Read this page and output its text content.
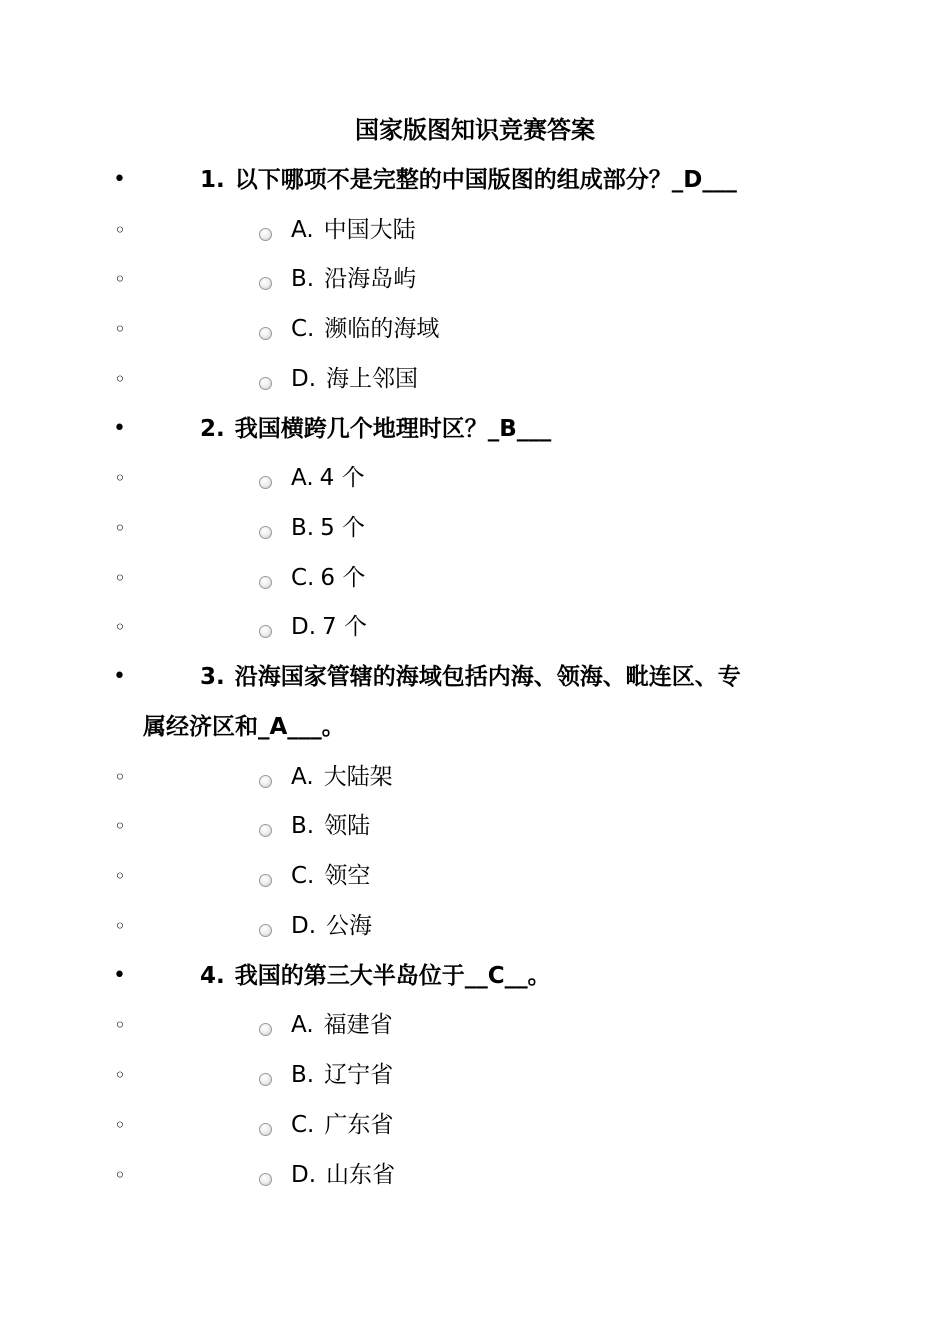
国家版图知识竞赛答案
•	1. 以下哪项不是完整的中国版图的组成部分？_D___
◦	A. 中国大陆
◦	B. 沿海岛屿
◦	C. 濒临的海域
◦	D. 海上邻国
•	2. 我国横跨几个地理时区？_B___
◦	A. 4 个
◦	B. 5 个
◦	C. 6 个
◦	D. 7 个
•	3. 沿海国家管辖的海域包括内海、领海、毗连区、专
属经济区和_A___。
◦	A. 大陆架
◦	B. 领陆
◦	C. 领空
◦	D. 公海
•	4. 我国的第三大半岛位于__C__。
◦	A. 福建省
◦	B. 辽宁省
◦	C. 广东省
◦	D. 山东省
